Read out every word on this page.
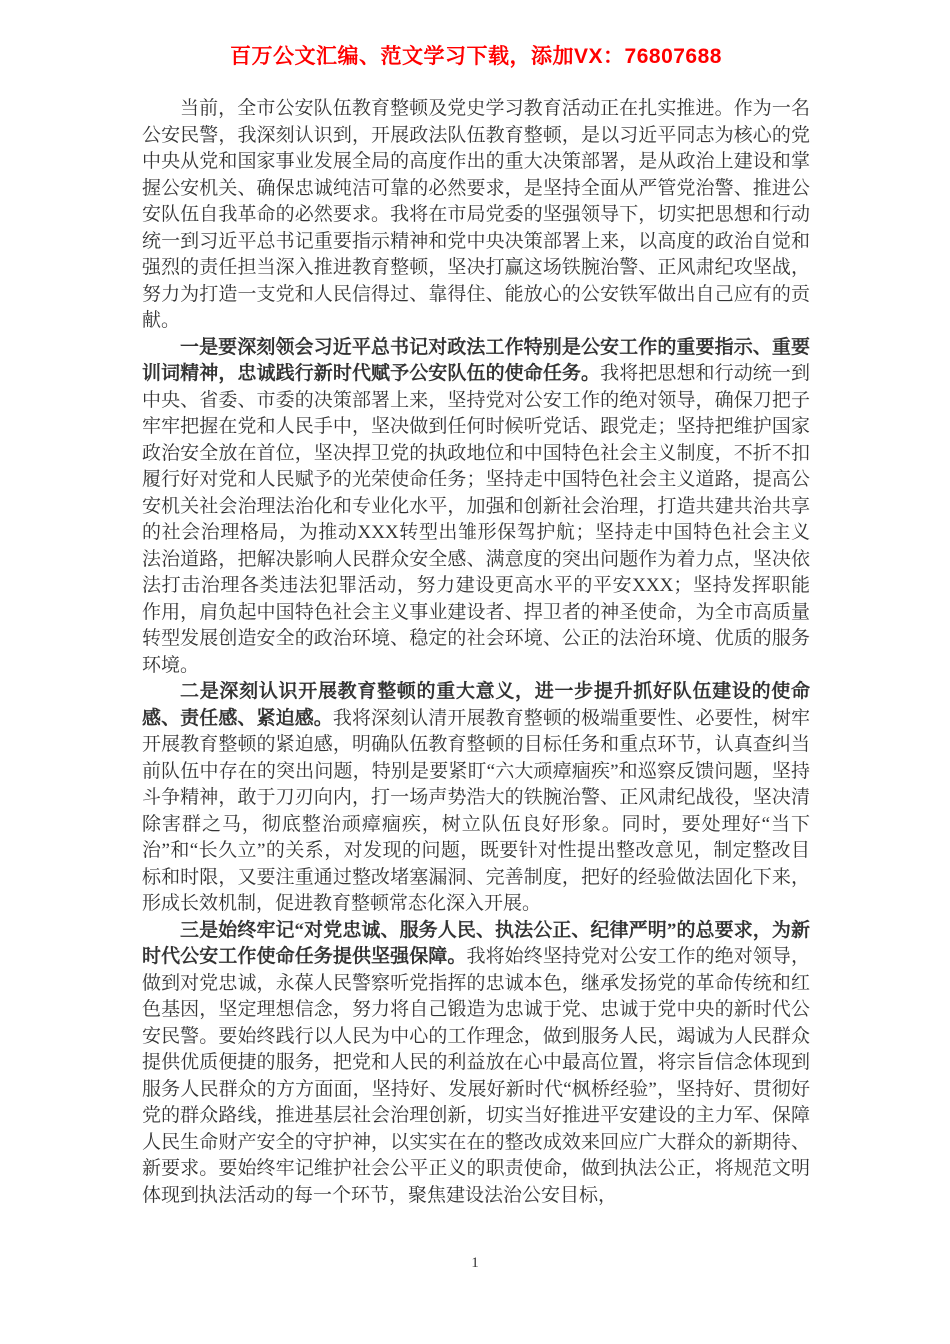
百万公文汇编、范文学习下载，添加VX：76807688

当前，全市公安队伍教育整顿及党史学习教育活动正在扎实推进。作为一名公安民警，我深刻认识到，开展政法队伍教育整顿，是以习近平同志为核心的党中央从党和国家事业发展全局的高度作出的重大决策部署，是从政治上建设和掌握公安机关、确保忠诚纯洁可靠的必然要求，是坚持全面从严管党治警、推进公安队伍自我革命的必然要求。我将在市局党委的坚强领导下，切实把思想和行动统一到习近平总书记重要指示精神和党中央决策部署上来，以高度的政治自觉和强烈的责任担当深入推进教育整顿，坚决打赢这场铁腕治警、正风肃纪攻坚战，努力为打造一支党和人民信得过、靠得住、能放心的公安铁军做出自己应有的贡献。

一是要深刻领会习近平总书记对政法工作特别是公安工作的重要指示、重要训词精神，忠诚践行新时代赋予公安队伍的使命任务。我将把思想和行动统一到中央、省委、市委的决策部署上来，坚持党对公安工作的绝对领导，确保刀把子牢牢把握在党和人民手中，坚决做到任何时候听党话、跟党走；坚持把维护国家政治安全放在首位，坚决捍卫党的执政地位和中国特色社会主义制度，不折不扣履行好对党和人民赋予的光荣使命任务；坚持走中国特色社会主义道路，提高公安机关社会治理法治化和专业化水平，加强和创新社会治理，打造共建共治共享的社会治理格局，为推动XXX转型出雏形保驾护航；坚持走中国特色社会主义法治道路，把解决影响人民群众安全感、满意度的突出问题作为着力点，坚决依法打击治理各类违法犯罪活动，努力建设更高水平的平安XXX；坚持发挥职能作用，肩负起中国特色社会主义事业建设者、捍卫者的神圣使命，为全市高质量转型发展创造安全的政治环境、稳定的社会环境、公正的法治环境、优质的服务环境。

二是深刻认识开展教育整顿的重大意义，进一步提升抓好队伍建设的使命感、责任感、紧迫感。我将深刻认清开展教育整顿的极端重要性、必要性，树牢开展教育整顿的紧迫感，明确队伍教育整顿的目标任务和重点环节，认真查纠当前队伍中存在的突出问题，特别是要紧盯“六大顽瘴痼疾”和巡察反馈问题，坚持斗争精神，敢于刀刃向内，打一场声势浩大的铁腕治警、正风肃纪战役，坚决清除害群之马，彻底整治顽瘴痼疾，树立队伍良好形象。同时，要处理好“当下治”和“长久立”的关系，对发现的问题，既要针对性提出整改意见，制定整改目标和时限，又要注重通过整改堵塞漏洞、完善制度，把好的经验做法固化下来，形成长效机制，促进教育整顿常态化深入开展。

三是始终牢记“对党忠诚、服务人民、执法公正、纪律严明”的总要求，为新时代公安工作使命任务提供坚强保障。我将始终坚持党对公安工作的绝对领导，做到对党忠诚，永葆人民警察听党指挥的忠诚本色，继承发扬党的革命传统和红色基因，坚定理想信念，努力将自己锻造为忠诚于党、忠诚于党中央的新时代公安民警。要始终践行以人民为中心的工作理念，做到服务人民，竭诚为人民群众提供优质便捷的服务，把党和人民的利益放在心中最高位置，将宗旨信念体现到服务人民群众的方方面面，坚持好、发展好新时代“枫桥经验”，坚持好、贯彻好党的群众路线，推进基层社会治理创新，切实当好推进平安建设的主力军、保障人民生命财产安全的守护神，以实实在在的整改成效来回应广大群众的新期待、新要求。要始终牢记维护社会公平正义的职责使命，做到执法公正，将规范文明体现到执法活动的每一个环节，聚焦建设法治公安目标，

1
